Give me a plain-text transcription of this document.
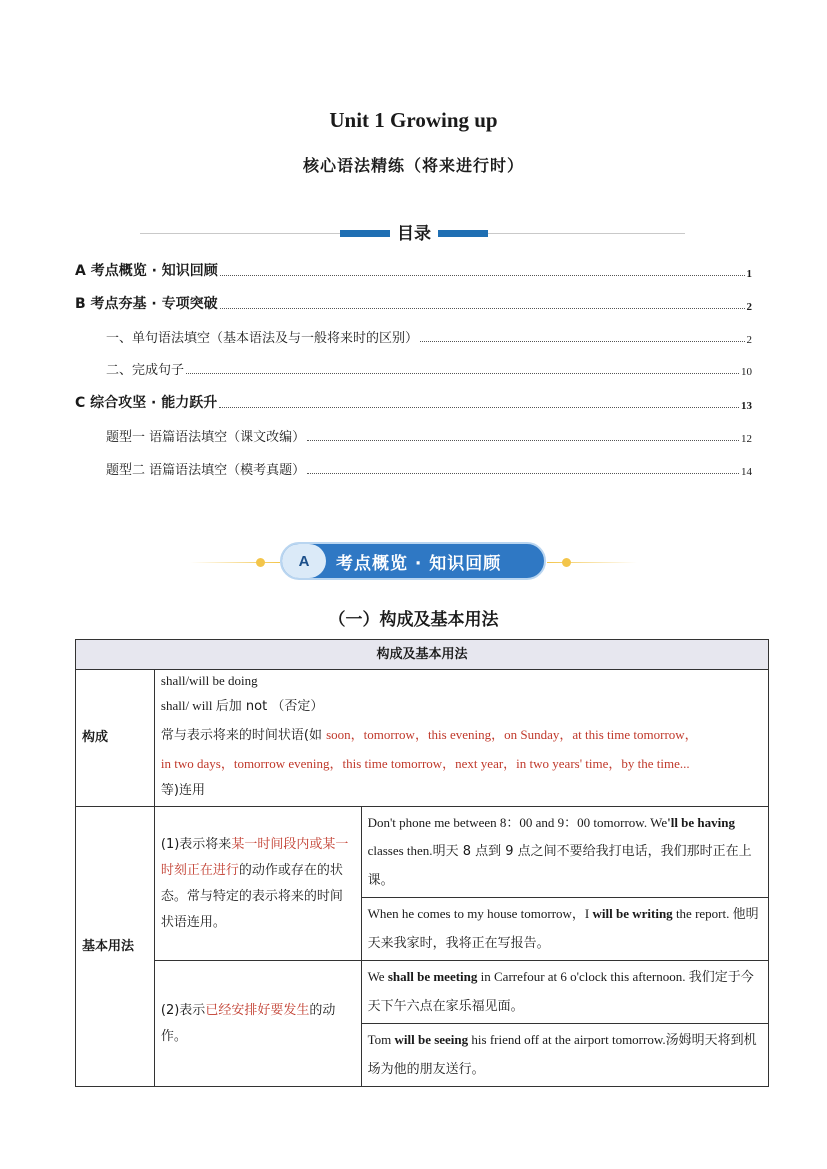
Unit 1 Growing up
核心语法精练（将来进行时）
目录
A 考点概览 · 知识回顾	1
B 考点夯基 · 专项突破	2
一、单句语法填空（基本语法及与一般将来时的区别）	2
二、完成句子	10
C 综合攻坚 · 能力跃升	13
题型一 语篇语法填空（课文改编）	12
题型二 语篇语法填空（模考真题）	14
A	考点概览 · 知识回顾
（一）构成及基本用法
构成及基本用法		
构成	shall/will be doing
shall/ will 后加 not （否定）
常与表示将来的时间状语(如 soon，tomorrow，this evening，on Sunday，at this time tomorrow，
in two days，tomorrow evening，this time tomorrow，next year，in two years' time，by the time...
等)连用	

基本用法	(1)表示将来某一时间段内或某一时刻正在进行的动作或存在的状态。常与特定的表示将来的时间状语连用。	Don't phone me between 8：00 and 9：00 tomorrow. We'll be having classes then.明天 8 点到 9 点之间不要给我打电话，我们那时正在上课。
		When he comes to my house tomorrow，I will be writing the report. 他明天来我家时，我将正在写报告。
	(2)表示已经安排好要发生的动作。	We shall be meeting in Carrefour at 6 o'clock this afternoon. 我们定于今天下午六点在家乐福见面。
		Tom will be seeing his friend off at the airport tomorrow.汤姆明天将到机场为他的朋友送行。
